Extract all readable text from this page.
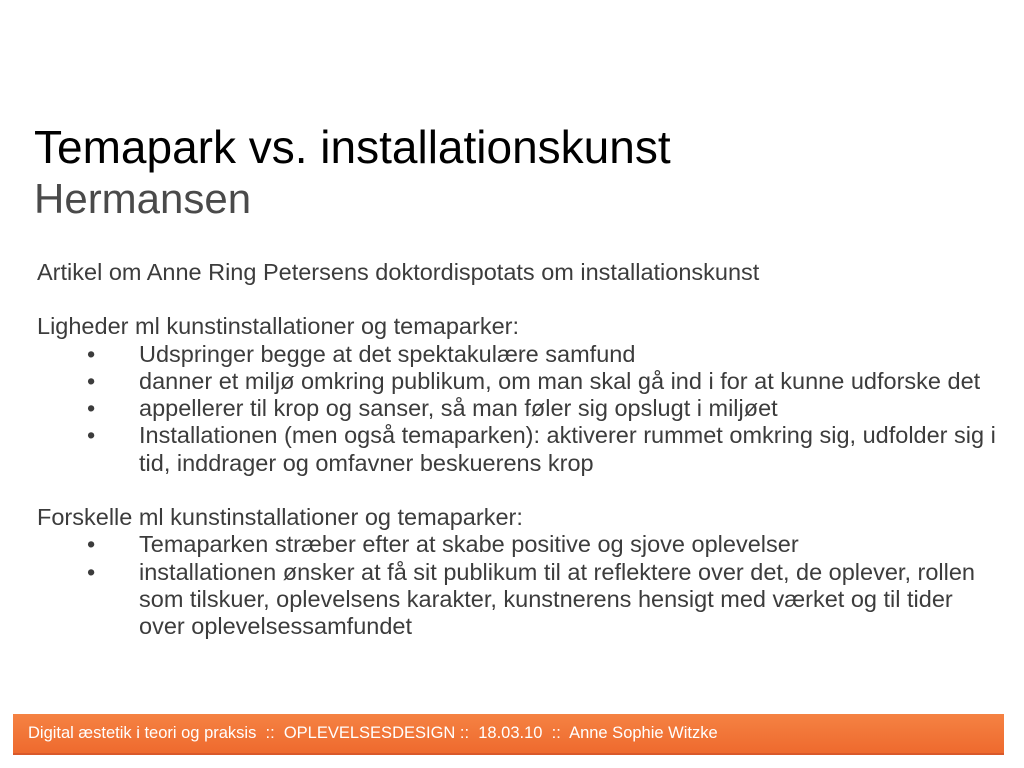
Temapark vs. installationskunst
Hermansen

Artikel om Anne Ring Petersens doktordispotats om installationskunst

Ligheder ml kunstinstallationer og temaparker:

• Udspringer begge at det spektakulære samfund
• danner et miljø omkring publikum, om man skal gå ind i for at kunne udforske det
• appellerer til krop og sanser, så man føler sig opslugt i miljøet
• Installationen (men også temaparken): aktiverer rummet omkring sig, udfolder sig i tid, inddrager og omfavner beskuerens krop

Forskelle ml kunstinstallationer og temaparker:

• Temaparken stræber efter at skabe positive og sjove oplevelser
• installationen ønsker at få sit publikum til at reflektere over det, de oplever, rollen som tilskuer, oplevelsens karakter, kunstnerens hensigt med værket og til tider over oplevelsessamfundet
Digital æstetik i teori og praksis  ::  OPLEVELSESDESIGN ::  18.03.10  ::  Anne Sophie Witzke
